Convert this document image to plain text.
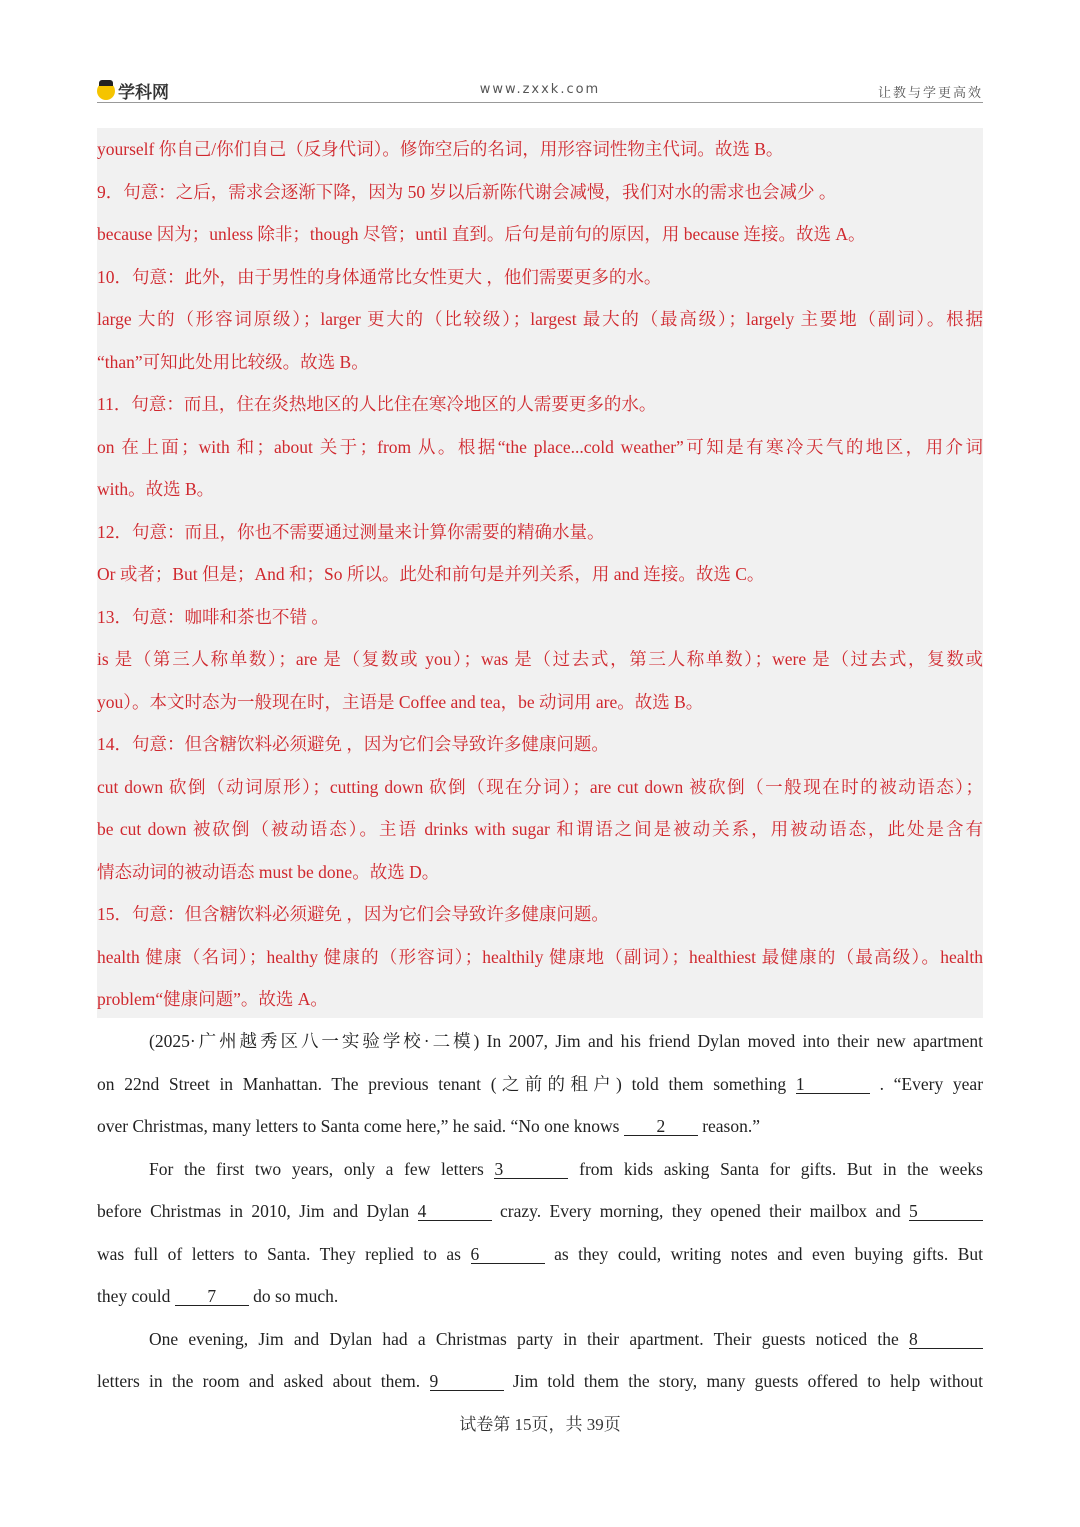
学科网	www.zxxk.com	让教与学更高效
yourself 你自己/你们自己（反身代词）。修饰空后的名词，用形容词性物主代词。故选 B。
9．句意：之后，需求会逐渐下降，因为 50 岁以后新陈代谢会减慢，我们对水的需求也会减少 。
because 因为；unless 除非；though 尽管；until 直到。后句是前句的原因，用 because 连接。故选 A。
10．句意：此外，由于男性的身体通常比女性更大 ，他们需要更多的水。
large 大的（形容词原级）；larger 更大的（比较级）；largest 最大的（最高级）；largely 主要地（副词）。根据
“than”可知此处用比较级。故选 B。
11．句意：而且，住在炎热地区的人比住在寒冷地区的人需要更多的水。
on 在上面；with 和；about 关于；from 从。根据“the place...cold weather”可知是有寒冷天气的地区，用介词
with。故选 B。
12．句意：而且，你也不需要通过测量来计算你需要的精确水量。
Or 或者；But 但是；And 和；So 所以。此处和前句是并列关系，用 and 连接。故选 C。
13．句意：咖啡和茶也不错 。
is 是（第三人称单数）；are 是（复数或 you）；was 是（过去式，第三人称单数）；were 是（过去式，复数或
you）。本文时态为一般现在时，主语是 Coffee and tea，be 动词用 are。故选 B。
14．句意：但含糖饮料必须避免 ，因为它们会导致许多健康问题。
cut down 砍倒（动词原形）；cutting down 砍倒（现在分词）；are cut down 被砍倒（一般现在时的被动语态）；
be cut down 被砍倒（被动语态）。主语 drinks with sugar 和谓语之间是被动关系，用被动语态，此处是含有
情态动词的被动语态 must be done。故选 D。
15．句意：但含糖饮料必须避免 ，因为它们会导致许多健康问题。
health 健康（名词）；healthy 健康的（形容词）；healthily 健康地（副词）；healthiest 最健康的（最高级）。health
problem“健康问题”。故选 A。
(2025·广州越秀区八一实验学校·二模) In 2007, Jim and his friend Dylan moved into their new apartment
on 22nd Street in Manhattan. The previous tenant (之前的租户) told them something 1	. “Every year
over Christmas, many letters to Santa come here,” he said. “No one knows 2 reason.”
For the first two years, only a few letters 3	from kids asking Santa for gifts. But in the weeks
before Christmas in 2010, Jim and Dylan 4	crazy. Every morning, they opened their mailbox and 5
was full of letters to Santa. They replied to as 6	as they could, writing notes and even buying gifts. But
they could 7 do so much.
One evening, Jim and Dylan had a Christmas party in their apartment. Their guests noticed the 8
letters in the room and asked about them. 9	Jim told them the story, many guests offered to help without
试卷第 15页，共 39页
